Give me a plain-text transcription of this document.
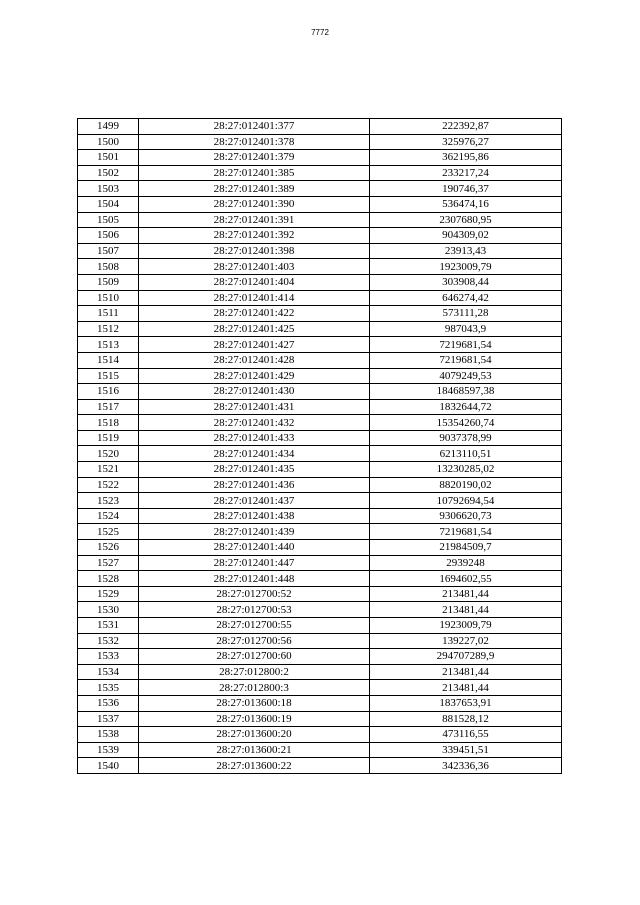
7772
1499	28:27:012401:377	222392,87
1500	28:27:012401:378	325976,27
1501	28:27:012401:379	362195,86
1502	28:27:012401:385	233217,24
1503	28:27:012401:389	190746,37
1504	28:27:012401:390	536474,16
1505	28:27:012401:391	2307680,95
1506	28:27:012401:392	904309,02
1507	28:27:012401:398	23913,43
1508	28:27:012401:403	1923009,79
1509	28:27:012401:404	303908,44
1510	28:27:012401:414	646274,42
1511	28:27:012401:422	573111,28
1512	28:27:012401:425	987043,9
1513	28:27:012401:427	7219681,54
1514	28:27:012401:428	7219681,54
1515	28:27:012401:429	4079249,53
1516	28:27:012401:430	18468597,38
1517	28:27:012401:431	1832644,72
1518	28:27:012401:432	15354260,74
1519	28:27:012401:433	9037378,99
1520	28:27:012401:434	6213110,51
1521	28:27:012401:435	13230285,02
1522	28:27:012401:436	8820190,02
1523	28:27:012401:437	10792694,54
1524	28:27:012401:438	9306620,73
1525	28:27:012401:439	7219681,54
1526	28:27:012401:440	21984509,7
1527	28:27:012401:447	2939248
1528	28:27:012401:448	1694602,55
1529	28:27:012700:52	213481,44
1530	28:27:012700:53	213481,44
1531	28:27:012700:55	1923009,79
1532	28:27:012700:56	139227,02
1533	28:27:012700:60	294707289,9
1534	28:27:012800:2	213481,44
1535	28:27:012800:3	213481,44
1536	28:27:013600:18	1837653,91
1537	28:27:013600:19	881528,12
1538	28:27:013600:20	473116,55
1539	28:27:013600:21	339451,51
1540	28:27:013600:22	342336,36
